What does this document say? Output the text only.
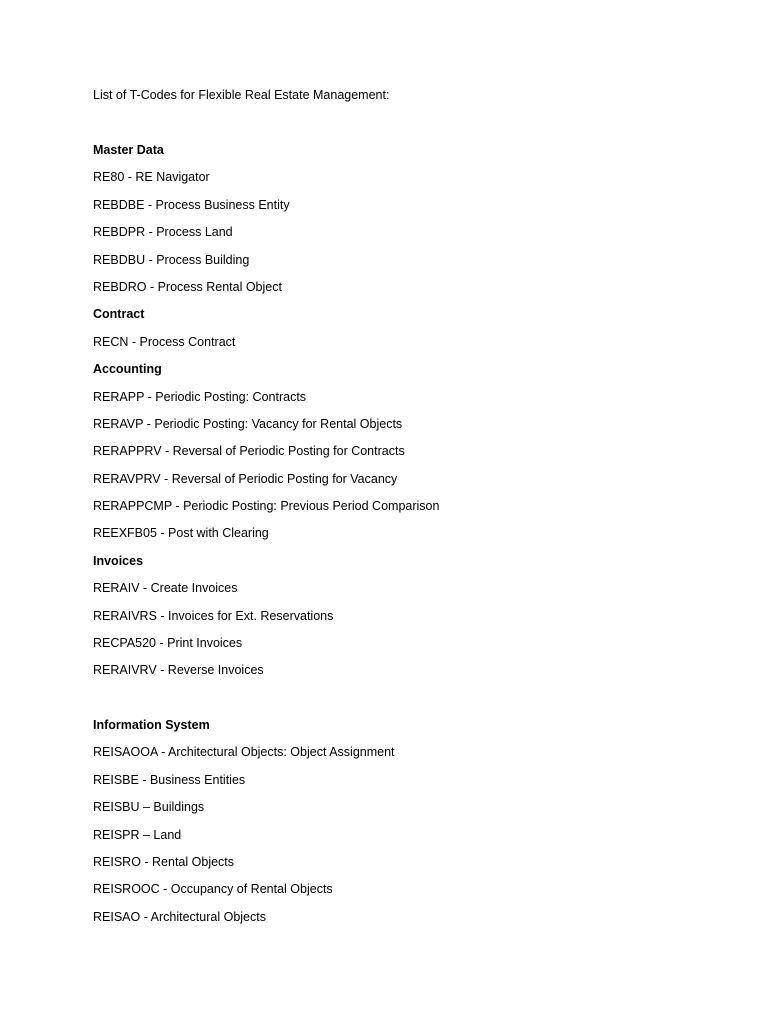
List of T-Codes for Flexible Real Estate Management:
Master Data
RE80 - RE Navigator
REBDBE - Process Business Entity
REBDPR - Process Land
REBDBU - Process Building
REBDRO - Process Rental Object
Contract
RECN - Process Contract
Accounting
RERAPP - Periodic Posting: Contracts
RERAVP - Periodic Posting: Vacancy for Rental Objects
RERAPPRV - Reversal of Periodic Posting for Contracts
RERAVPRV - Reversal of Periodic Posting for Vacancy
RERAPPCMP - Periodic Posting: Previous Period Comparison
REEXFB05 - Post with Clearing
Invoices
RERAIV - Create Invoices
RERAIVRS - Invoices for Ext. Reservations
RECPA520 - Print Invoices
RERAIVRV - Reverse Invoices
Information System
REISAOOA - Architectural Objects: Object Assignment
REISBE - Business Entities
REISBU – Buildings
REISPR – Land
REISRO - Rental Objects
REISROOC - Occupancy of Rental Objects
REISAO - Architectural Objects
